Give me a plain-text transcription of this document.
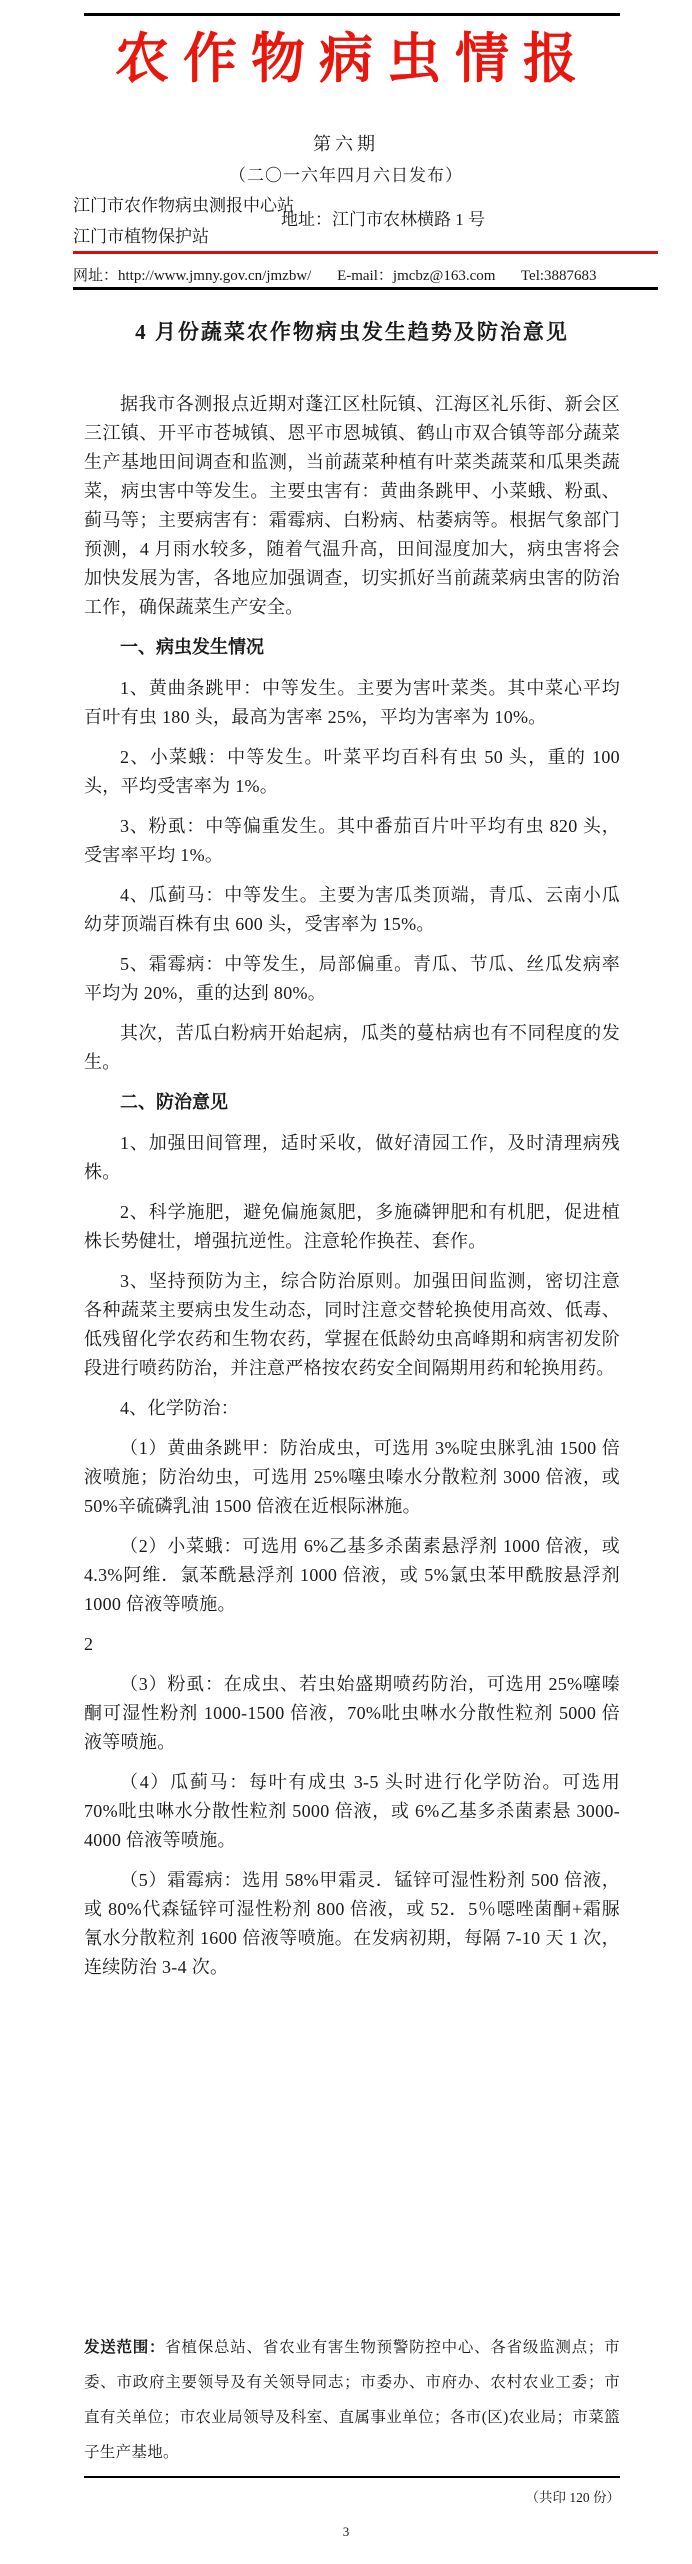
农作物病虫情报
第六期
（二〇一六年四月六日发布）
江门市农作物病虫测报中心站
江门市植物保护站
地址：江门市农林横路 1 号
网址：http://www.jmny.gov.cn/jmzbw/ E-mail：jmcbz@163.com Tel:3887683
4 月份蔬菜农作物病虫发生趋势及防治意见

据我市各测报点近期对蓬江区杜阮镇、江海区礼乐街、新会区三江镇、开平市苍城镇、恩平市恩城镇、鹤山市双合镇等部分蔬菜生产基地田间调查和监测，当前蔬菜种植有叶菜类蔬菜和瓜果类蔬菜，病虫害中等发生。主要虫害有：黄曲条跳甲、小菜蛾、粉虱、蓟马等；主要病害有：霜霉病、白粉病、枯萎病等。根据气象部门预测，4 月雨水较多，随着气温升高，田间湿度加大，病虫害将会加快发展为害，各地应加强调查，切实抓好当前蔬菜病虫害的防治工作，确保蔬菜生产安全。

一、病虫发生情况

1、黄曲条跳甲：中等发生。主要为害叶菜类。其中菜心平均百叶有虫 180 头，最高为害率 25%，平均为害率为 10%。

2、小菜蛾：中等发生。叶菜平均百科有虫 50 头，重的 100 头，平均受害率为 1%。

3、粉虱：中等偏重发生。其中番茄百片叶平均有虫 820 头，受害率平均 1%。

4、瓜蓟马：中等发生。主要为害瓜类顶端，青瓜、云南小瓜幼芽顶端百株有虫 600 头，受害率为 15%。

5、霜霉病：中等发生，局部偏重。青瓜、节瓜、丝瓜发病率平均为 20%，重的达到 80%。

其次，苦瓜白粉病开始起病，瓜类的蔓枯病也有不同程度的发生。

二、防治意见

1、加强田间管理，适时采收，做好清园工作，及时清理病残株。

2、科学施肥，避免偏施氮肥，多施磷钾肥和有机肥，促进植株长势健壮，增强抗逆性。注意轮作换茬、套作。

3、坚持预防为主，综合防治原则。加强田间监测，密切注意各种蔬菜主要病虫发生动态，同时注意交替轮换使用高效、低毒、低残留化学农药和生物农药，掌握在低龄幼虫高峰期和病害初发阶段进行喷药防治，并注意严格按农药安全间隔期用药和轮换用药。

4、化学防治：

（1）黄曲条跳甲：防治成虫，可选用 3%啶虫脒乳油 1500 倍液喷施；防治幼虫，可选用 25%噻虫嗪水分散粒剂 3000 倍液，或 50%辛硫磷乳油 1500 倍液在近根际淋施。

（2）小菜蛾：可选用 6%乙基多杀菌素悬浮剂 1000 倍液，或 4.3%阿维．氯苯酰悬浮剂 1000 倍液，或 5%氯虫苯甲酰胺悬浮剂 1000 倍液等喷施。

2

（3）粉虱：在成虫、若虫始盛期喷药防治，可选用 25%噻嗪酮可湿性粉剂 1000-1500 倍液，70%吡虫啉水分散性粒剂 5000 倍液等喷施。

（4）瓜蓟马：每叶有成虫 3-5 头时进行化学防治。可选用 70%吡虫啉水分散性粒剂 5000 倍液，或 6%乙基多杀菌素悬 3000-4000 倍液等喷施。

（5）霜霉病：选用 58%甲霜灵．锰锌可湿性粉剂 500 倍液，或 80%代森锰锌可湿性粉剂 800 倍液，或 52．5％噁唑菌酮+霜脲氰水分散粒剂 1600 倍液等喷施。在发病初期，每隔 7-10 天 1 次，连续防治 3-4 次。

发送范围：省植保总站、省农业有害生物预警防控中心、各省级监测点；市委、市政府主要领导及有关领导同志；市委办、市府办、农村农业工委；市直有关单位；市农业局领导及科室、直属事业单位；各市(区)农业局；市菜篮子生产基地。
（共印 120 份）
3
